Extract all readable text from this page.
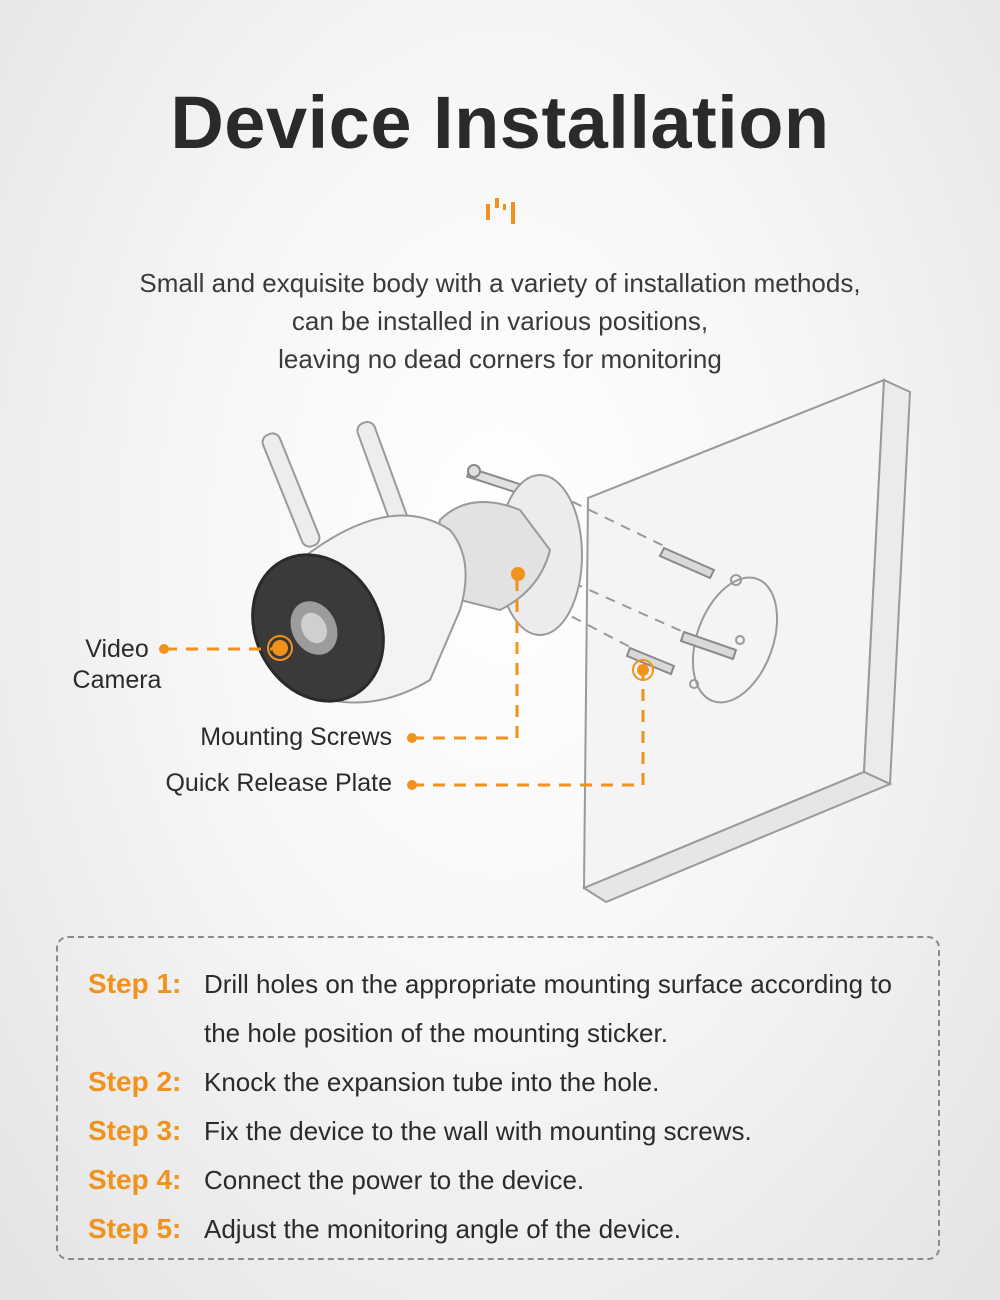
Device Installation
Small and exquisite body with a variety of installation methods,
can be installed in various positions,
leaving no dead corners for monitoring
Video
Camera
Mounting Screws
Quick Release Plate
Step 1: Drill holes on the appropriate mounting surface according to the hole position of the mounting sticker.
Step 2: Knock the expansion tube into the hole.
Step 3: Fix the device to the wall with mounting screws.
Step 4: Connect the power to the device.
Step 5: Adjust the monitoring angle of the device.
